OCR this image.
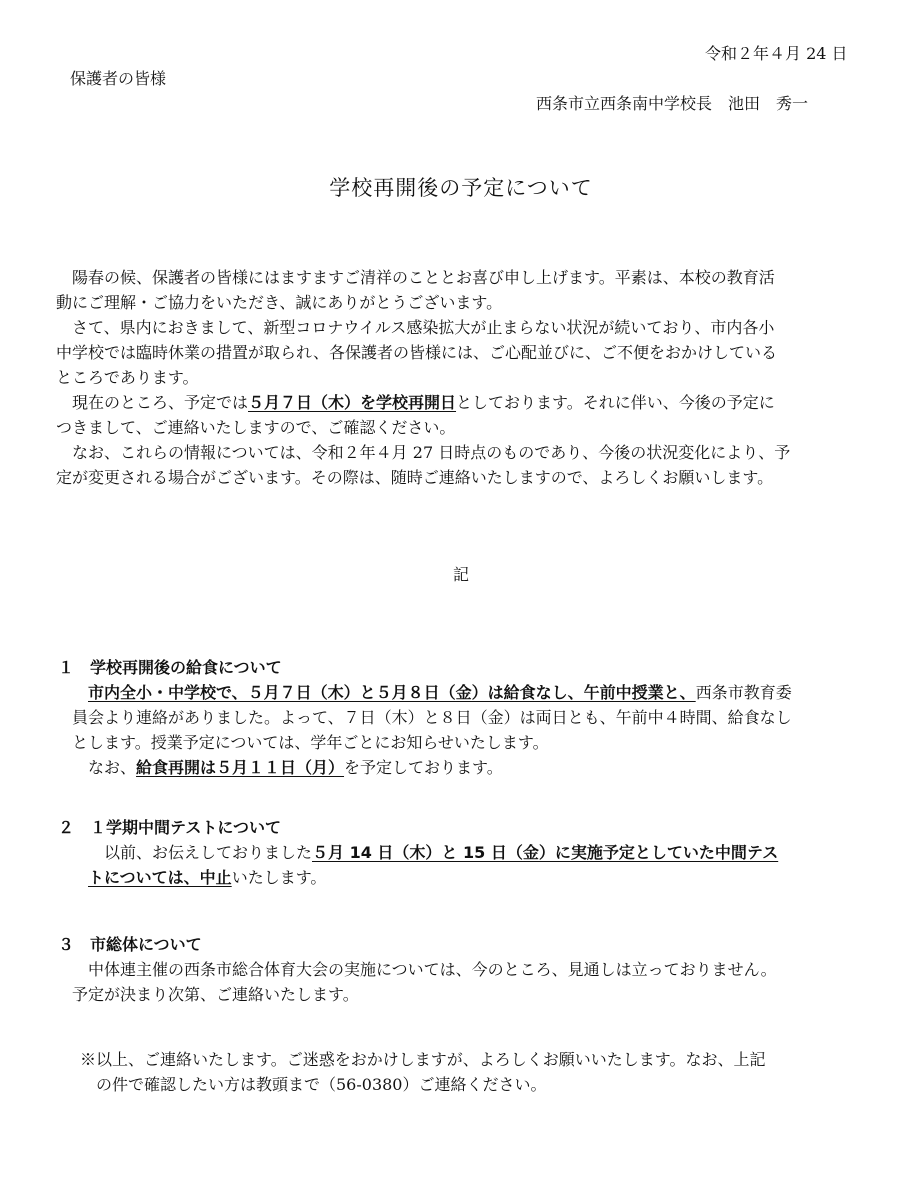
令和２年４月 24 日
保護者の皆様
西条市立西条南中学校長　池田　秀一
学校再開後の予定について
陽春の候、保護者の皆様にはますますご清祥のこととお喜び申し上げます。平素は、本校の教育活
動にご理解・ご協力をいただき、誠にありがとうございます。
さて、県内におきまして、新型コロナウイルス感染拡大が止まらない状況が続いており、市内各小
中学校では臨時休業の措置が取られ、各保護者の皆様には、ご心配並びに、ご不便をおかけしている
ところであります。
現在のところ、予定では５月７日（木）を学校再開日としております。それに伴い、今後の予定に
つきまして、ご連絡いたしますので、ご確認ください。
なお、これらの情報については、令和２年４月 27 日時点のものであり、今後の状況変化により、予
定が変更される場合がございます。その際は、随時ご連絡いたしますので、よろしくお願いします。
記
１　学校再開後の給食について
市内全小・中学校で、５月７日（木）と５月８日（金）は給食なし、午前中授業と、西条市教育委
員会より連絡がありました。よって、７日（木）と８日（金）は両日とも、午前中４時間、給食なし
とします。授業予定については、学年ごとにお知らせいたします。
なお、給食再開は５月１１日（月）を予定しております。
２　１学期中間テストについて
以前、お伝えしておりました５月 14 日（木）と 15 日（金）に実施予定としていた中間テス
トについては、中止いたします。
３　市総体について
中体連主催の西条市総合体育大会の実施については、今のところ、見通しは立っておりません。
予定が決まり次第、ご連絡いたします。
※以上、ご連絡いたします。ご迷惑をおかけしますが、よろしくお願いいたします。なお、上記
の件で確認したい方は教頭まで（56-0380）ご連絡ください。
